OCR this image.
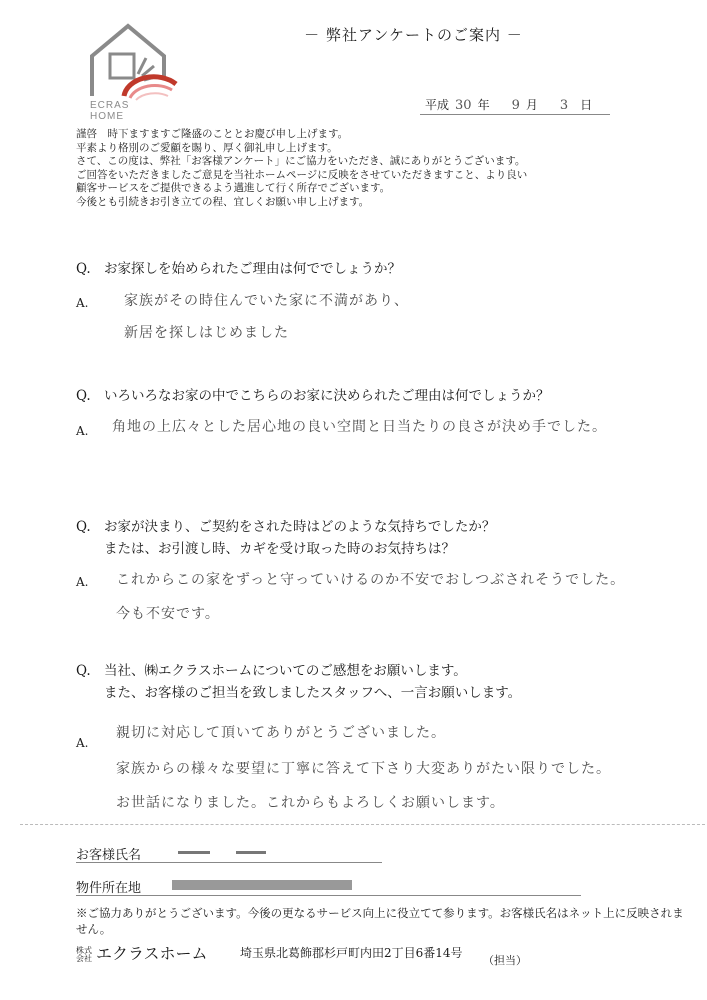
ECRAS
HOME
－ 弊社アンケートのご案内 －
平成 30 年 9 月 3 日
謹啓　時下ますますご隆盛のこととお慶び申し上げます。
平素より格別のご愛顧を賜り、厚く御礼申し上げます。
さて、この度は、弊社「お客様アンケート」にご協力をいただき、誠にありがとうございます。
ご回答をいただきましたご意見を当社ホームページに反映をさせていただきますこと、より良い
顧客サービスをご提供できるよう邁進して行く所存でございます。
今後とも引続きお引き立ての程、宜しくお願い申し上げます。
Q. お家探しを始められたご理由は何ででしょうか？
A.	家族がその時住んでいた家に不満があり、
新居を探しはじめました
Q. いろいろなお家の中でこちらのお家に決められたご理由は何でしょうか？
A. 角地の上広々とした居心地の良い空間と日当たりの良さが決め手でした。
Q. お家が決まり、ご契約をされた時はどのような気持ちでしたか？
または、お引渡し時、カギを受け取った時のお気持ちは？
A. これからこの家をずっと守っていけるのか不安でおしつぶされそうでした。
今も不安です。
Q. 当社、㈱エクラスホームについてのご感想をお願いします。
また、お客様のご担当を致しましたスタッフへ、一言お願いします。
A.
親切に対応して頂いてありがとうございました。
家族からの様々な要望に丁寧に答えて下さり大変ありがたい限りでした。
お世話になりました。これからもよろしくお願いします。
お客様氏名
物件所在地
※ご協力ありがとうございます。今後の更なるサービス向上に役立てて参ります。お客様氏名はネット上に反映されません。
株式
会社 エクラスホーム	埼玉県北葛飾郡杉戸町内田2丁目6番14号
（担当）
